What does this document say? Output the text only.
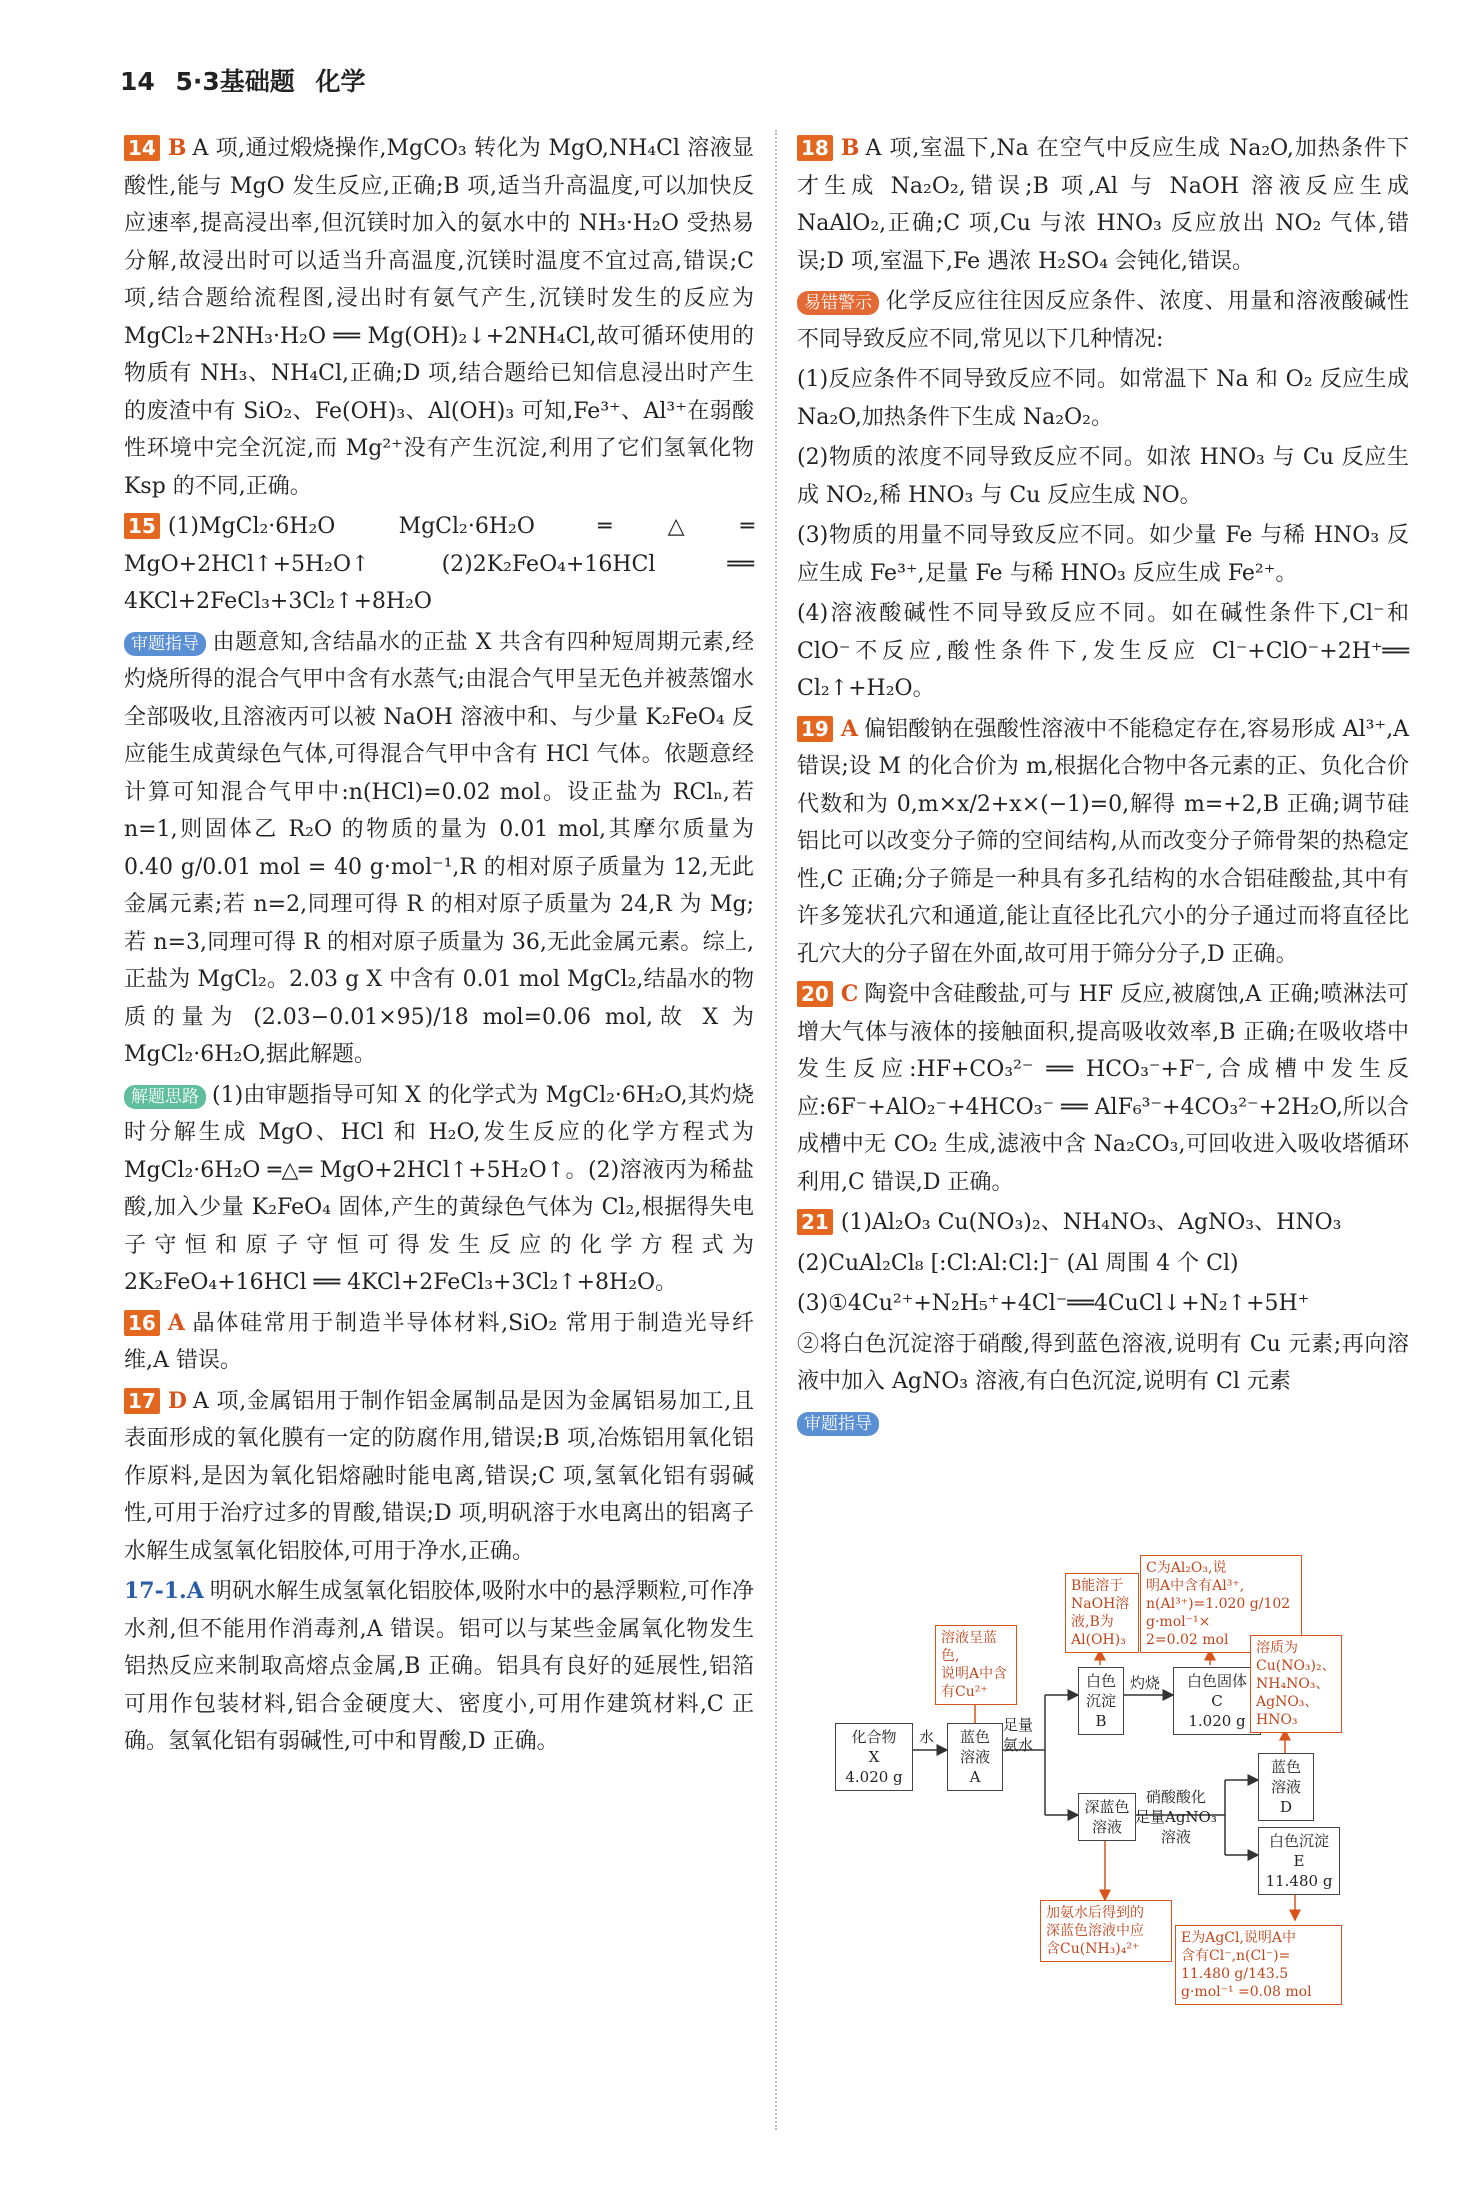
14 5·3基础题 化学

14 B A 项,通过煅烧操作,MgCO₃ 转化为 MgO,NH₄Cl 溶液显酸性,能与 MgO 发生反应,正确;B 项,适当升高温度,可以加快反应速率,提高浸出率,但沉镁时加入的氨水中的 NH₃·H₂O 受热易分解,故浸出时可以适当升高温度,沉镁时温度不宜过高,错误;C 项,结合题给流程图,浸出时有氨气产生,沉镁时发生的反应为 MgCl₂+2NH₃·H₂O ══ Mg(OH)₂↓+2NH₄Cl,故可循环使用的物质有 NH₃、NH₄Cl,正确;D 项,结合题给已知信息浸出时产生的废渣中有 SiO₂、Fe(OH)₃、Al(OH)₃ 可知,Fe³⁺、Al³⁺在弱酸性环境中完全沉淀,而 Mg²⁺没有产生沉淀,利用了它们氢氧化物 Ksp 的不同,正确。

15 (1)MgCl₂·6H₂O MgCl₂·6H₂O ═△═ MgO+2HCl↑+5H₂O↑ (2)2K₂FeO₄+16HCl ══ 4KCl+2FeCl₃+3Cl₂↑+8H₂O

审题指导 由题意知,含结晶水的正盐 X 共含有四种短周期元素,经灼烧所得的混合气甲中含有水蒸气;由混合气甲呈无色并被蒸馏水全部吸收,且溶液丙可以被 NaOH 溶液中和、与少量 K₂FeO₄ 反应能生成黄绿色气体,可得混合气甲中含有 HCl 气体。依题意经计算可知混合气甲中:n(HCl)=0.02 mol。设正盐为 RClₙ,若 n=1,则固体乙 R₂O 的物质的量为 0.01 mol,其摩尔质量为 0.40 g/0.01 mol = 40 g·mol⁻¹,R 的相对原子质量为 12,无此金属元素;若 n=2,同理可得 R 的相对原子质量为 24,R 为 Mg;若 n=3,同理可得 R 的相对原子质量为 36,无此金属元素。综上,正盐为 MgCl₂。2.03 g X 中含有 0.01 mol MgCl₂,结晶水的物质的量为 (2.03−0.01×95)/18 mol=0.06 mol,故 X 为 MgCl₂·6H₂O,据此解题。

解题思路 (1)由审题指导可知 X 的化学式为 MgCl₂·6H₂O,其灼烧时分解生成 MgO、HCl 和 H₂O,发生反应的化学方程式为 MgCl₂·6H₂O ═△═ MgO+2HCl↑+5H₂O↑。(2)溶液丙为稀盐酸,加入少量 K₂FeO₄ 固体,产生的黄绿色气体为 Cl₂,根据得失电子守恒和原子守恒可得发生反应的化学方程式为 2K₂FeO₄+16HCl ══ 4KCl+2FeCl₃+3Cl₂↑+8H₂O。

16 A 晶体硅常用于制造半导体材料,SiO₂ 常用于制造光导纤维,A 错误。

17 D A 项,金属铝用于制作铝金属制品是因为金属铝易加工,且表面形成的氧化膜有一定的防腐作用,错误;B 项,冶炼铝用氧化铝作原料,是因为氧化铝熔融时能电离,错误;C 项,氢氧化铝有弱碱性,可用于治疗过多的胃酸,错误;D 项,明矾溶于水电离出的铝离子水解生成氢氧化铝胶体,可用于净水,正确。

17-1.A 明矾水解生成氢氧化铝胶体,吸附水中的悬浮颗粒,可作净水剂,但不能用作消毒剂,A 错误。铝可以与某些金属氧化物发生铝热反应来制取高熔点金属,B 正确。铝具有良好的延展性,铝箔可用作包装材料,铝合金硬度大、密度小,可用作建筑材料,C 正确。氢氧化铝有弱碱性,可中和胃酸,D 正确。

18 B A 项,室温下,Na 在空气中反应生成 Na₂O,加热条件下才生成 Na₂O₂,错误;B 项,Al 与 NaOH 溶液反应生成 NaAlO₂,正确;C 项,Cu 与浓 HNO₃ 反应放出 NO₂ 气体,错误;D 项,室温下,Fe 遇浓 H₂SO₄ 会钝化,错误。

易错警示 化学反应往往因反应条件、浓度、用量和溶液酸碱性不同导致反应不同,常见以下几种情况:

(1)反应条件不同导致反应不同。如常温下 Na 和 O₂ 反应生成 Na₂O,加热条件下生成 Na₂O₂。

(2)物质的浓度不同导致反应不同。如浓 HNO₃ 与 Cu 反应生成 NO₂,稀 HNO₃ 与 Cu 反应生成 NO。

(3)物质的用量不同导致反应不同。如少量 Fe 与稀 HNO₃ 反应生成 Fe³⁺,足量 Fe 与稀 HNO₃ 反应生成 Fe²⁺。

(4)溶液酸碱性不同导致反应不同。如在碱性条件下,Cl⁻和 ClO⁻不反应,酸性条件下,发生反应 Cl⁻+ClO⁻+2H⁺══ Cl₂↑+H₂O。

19 A 偏铝酸钠在强酸性溶液中不能稳定存在,容易形成 Al³⁺,A 错误;设 M 的化合价为 m,根据化合物中各元素的正、负化合价代数和为 0,m×x/2+x×(−1)=0,解得 m=+2,B 正确;调节硅铝比可以改变分子筛的空间结构,从而改变分子筛骨架的热稳定性,C 正确;分子筛是一种具有多孔结构的水合铝硅酸盐,其中有许多笼状孔穴和通道,能让直径比孔穴小的分子通过而将直径比孔穴大的分子留在外面,故可用于筛分分子,D 正确。

20 C 陶瓷中含硅酸盐,可与 HF 反应,被腐蚀,A 正确;喷淋法可增大气体与液体的接触面积,提高吸收效率,B 正确;在吸收塔中发生反应:HF+CO₃²⁻ ══ HCO₃⁻+F⁻,合成槽中发生反应:6F⁻+AlO₂⁻+4HCO₃⁻ ══ AlF₆³⁻+4CO₃²⁻+2H₂O,所以合成槽中无 CO₂ 生成,滤液中含 Na₂CO₃,可回收进入吸收塔循环利用,C 错误,D 正确。

21 (1)Al₂O₃ Cu(NO₃)₂、NH₄NO₃、AgNO₃、HNO₃

(2)CuAl₂Cl₈ [:Cl:Al:Cl:]⁻ (Al 周围 4 个 Cl)

(3)①4Cu²⁺+N₂H₅⁺+4Cl⁻══4CuCl↓+N₂↑+5H⁺

②将白色沉淀溶于硝酸,得到蓝色溶液,说明有 Cu 元素;再向溶液中加入 AgNO₃ 溶液,有白色沉淀,说明有 Cl 元素

审题指导

化合物
X
4.020 g
水	蓝色
溶液
A
足量
氨水
白色
沉淀
B
灼烧	白色固体
C
1.020 g
深蓝色
溶液
硝酸酸化
足量AgNO₃
溶液
蓝色
溶液
D
白色沉淀
E
11.480 g
溶液呈蓝色,
说明A中含
有Cu²⁺
B能溶于
NaOH溶
液,B为
Al(OH)₃
C为Al₂O₃,说
明A中含有Al³⁺,
n(Al³⁺)=1.020 g/102 g·mol⁻¹×
2=0.02 mol	溶质为
Cu(NO₃)₂、
NH₄NO₃、
AgNO₃、
HNO₃
加氨水后得到的
深蓝色溶液中应
含Cu(NH₃)₄²⁺
E为AgCl,说明A中
含有Cl⁻,n(Cl⁻)=
11.480 g/143.5 g·mol⁻¹ =0.08 mol
